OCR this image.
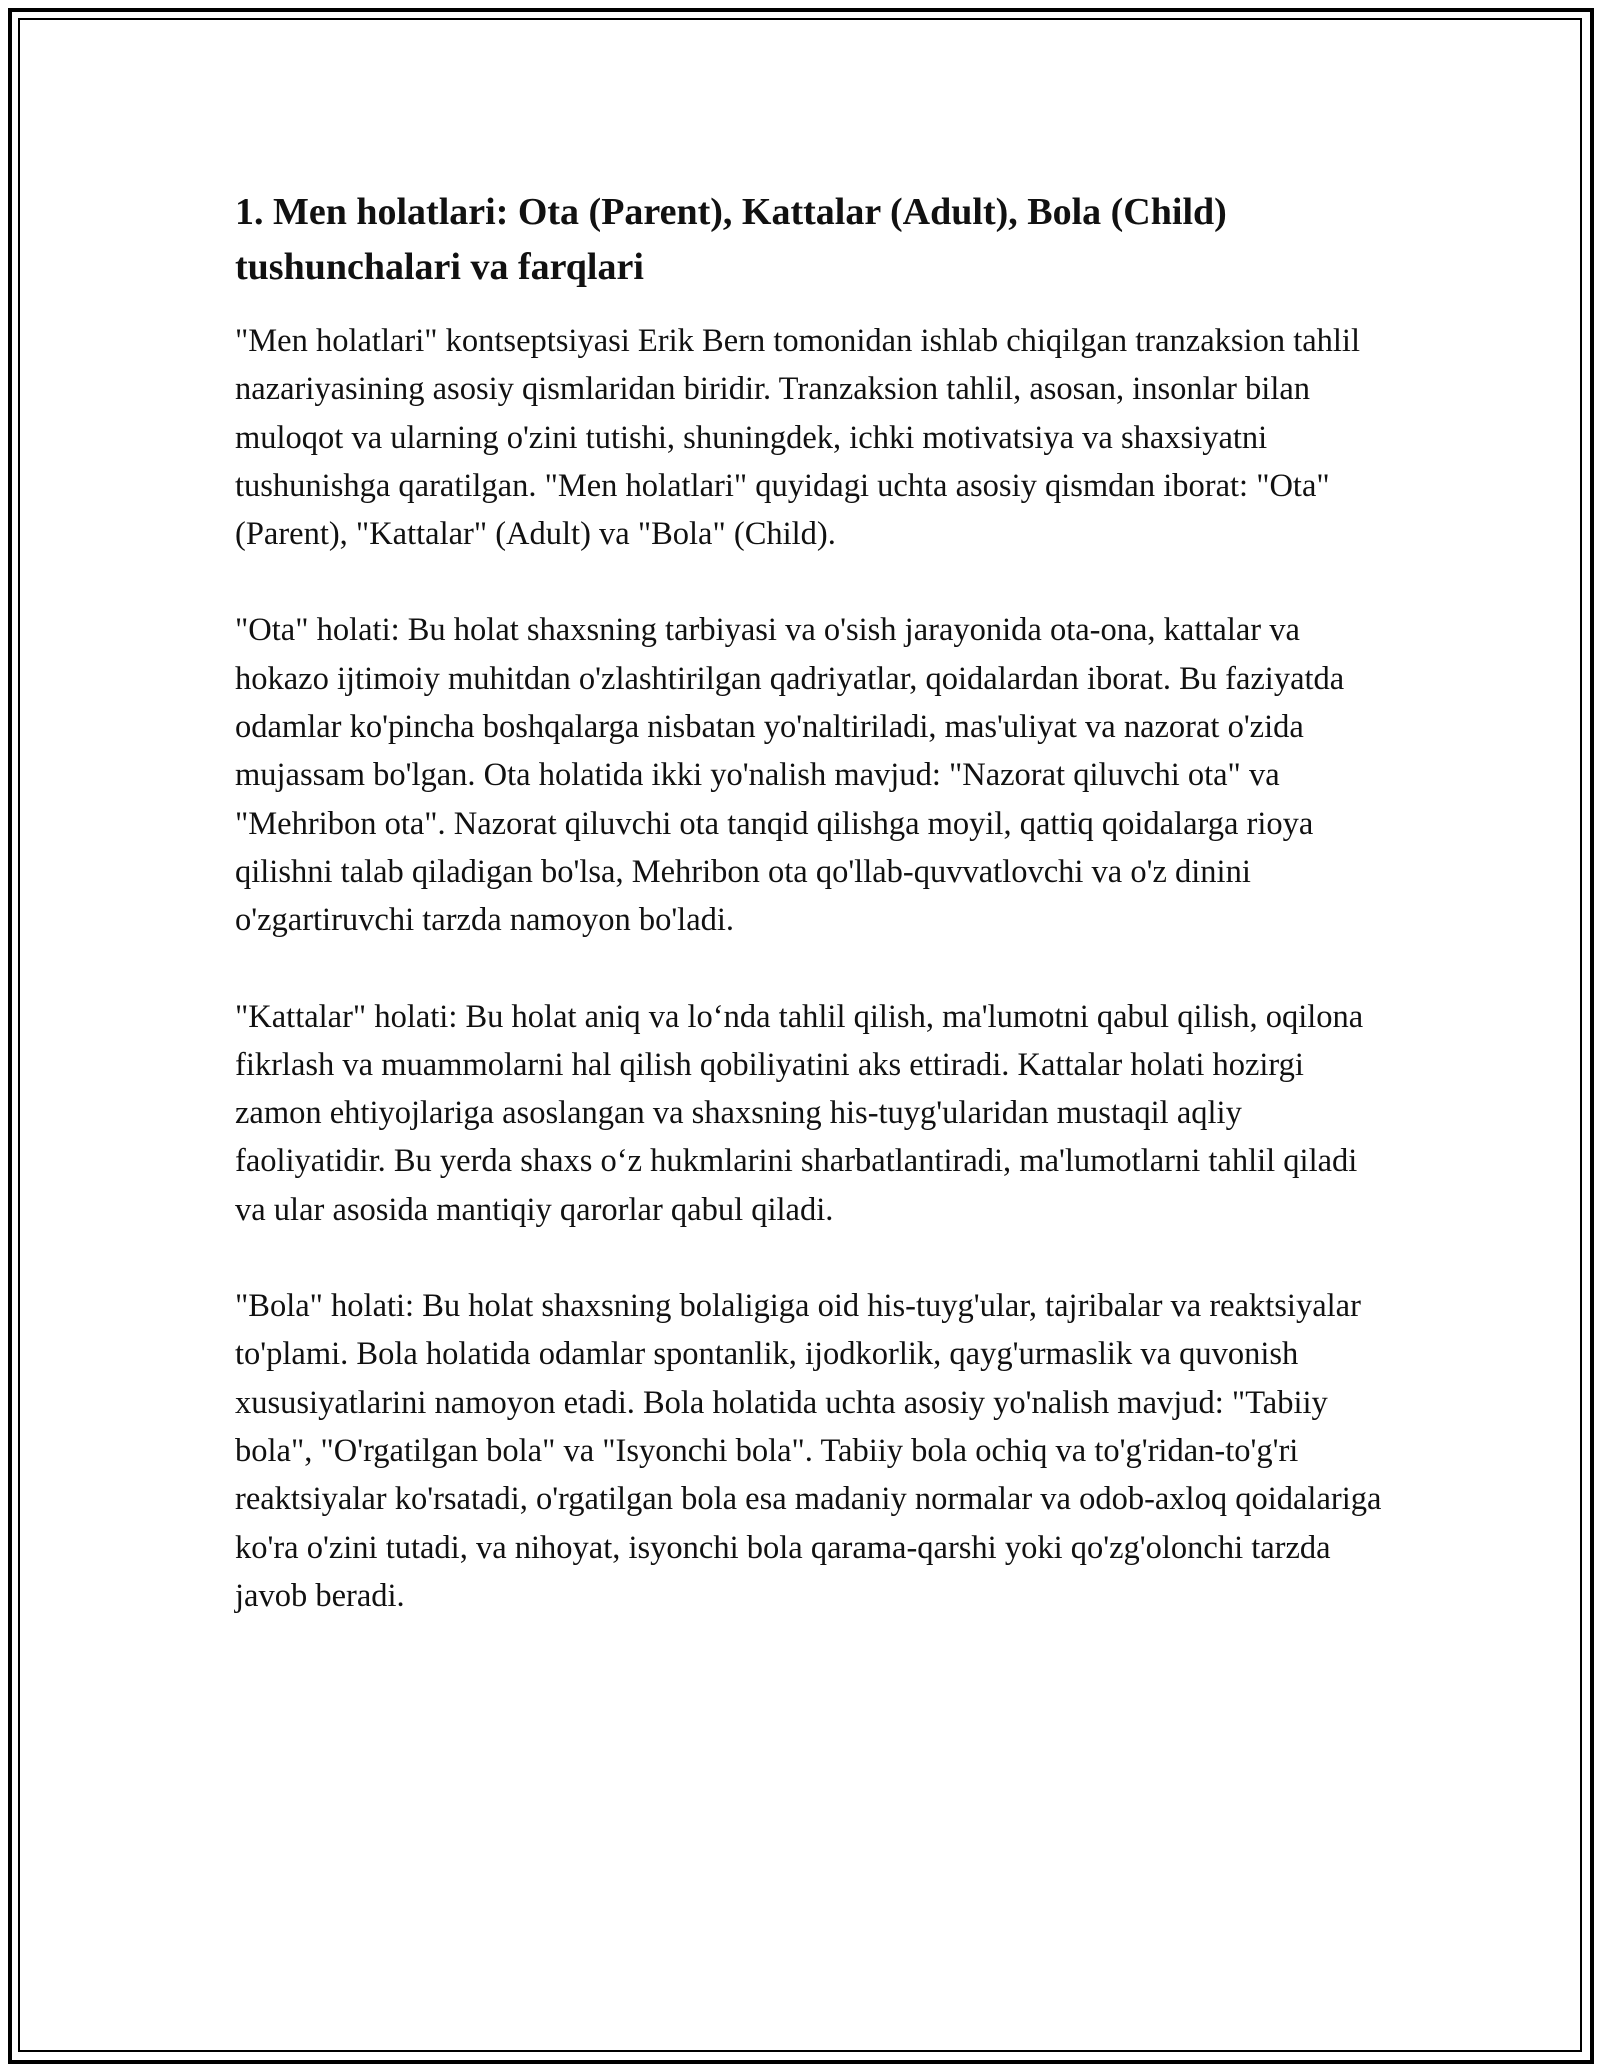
1. Men holatlari: Ota (Parent), Kattalar (Adult), Bola (Child) tushunchalari va farqlari

"Men holatlari" kontseptsiyasi Erik Bern tomonidan ishlab chiqilgan tranzaksion tahlil nazariyasining asosiy qismlaridan biridir. Tranzaksion tahlil, asosan, insonlar bilan muloqot va ularning o'zini tutishi, shuningdek, ichki motivatsiya va shaxsiyatni tushunishga qaratilgan. "Men holatlari" quyidagi uchta asosiy qismdan iborat: "Ota" (Parent), "Kattalar" (Adult) va "Bola" (Child).

"Ota" holati: Bu holat shaxsning tarbiyasi va o'sish jarayonida ota-ona, kattalar va hokazo ijtimoiy muhitdan o'zlashtirilgan qadriyatlar, qoidalardan iborat. Bu faziyatda odamlar ko'pincha boshqalarga nisbatan yo'naltiriladi, mas'uliyat va nazorat o'zida mujassam bo'lgan. Ota holatida ikki yo'nalish mavjud: "Nazorat qiluvchi ota" va "Mehribon ota". Nazorat qiluvchi ota tanqid qilishga moyil, qattiq qoidalarga rioya qilishni talab qiladigan bo'lsa, Mehribon ota qo'llab-quvvatlovchi va o'z dinini o'zgartiruvchi tarzda namoyon bo'ladi.

"Kattalar" holati: Bu holat aniq va lo‘nda tahlil qilish, ma'lumotni qabul qilish, oqilona fikrlash va muammolarni hal qilish qobiliyatini aks ettiradi. Kattalar holati hozirgi zamon ehtiyojlariga asoslangan va shaxsning his-tuyg'ularidan mustaqil aqliy faoliyatidir. Bu yerda shaxs o‘z hukmlarini sharbatlantiradi, ma'lumotlarni tahlil qiladi va ular asosida mantiqiy qarorlar qabul qiladi.

"Bola" holati: Bu holat shaxsning bolaligiga oid his-tuyg'ular, tajribalar va reaktsiyalar to'plami. Bola holatida odamlar spontanlik, ijodkorlik, qayg'urmaslik va quvonish xususiyatlarini namoyon etadi. Bola holatida uchta asosiy yo'nalish mavjud: "Tabiiy bola", "O'rgatilgan bola" va "Isyonchi bola". Tabiiy bola ochiq va to'g'ridan-to'g'ri reaktsiyalar ko'rsatadi, o'rgatilgan bola esa madaniy normalar va odob-axloq qoidalariga ko'ra o'zini tutadi, va nihoyat, isyonchi bola qarama-qarshi yoki qo'zg'olonchi tarzda javob beradi.
